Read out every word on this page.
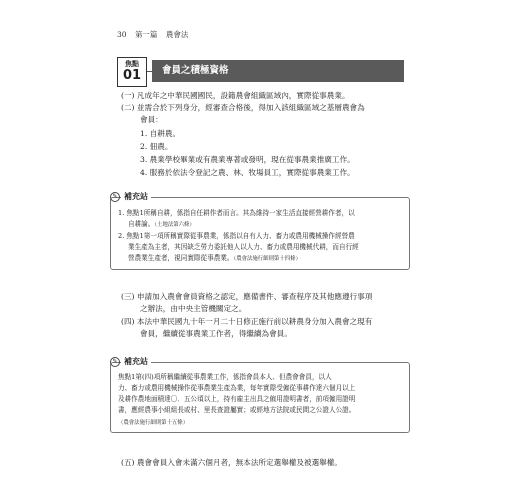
30 第一篇 農會法
焦點
01	會員之積極資格
(一) 凡成年之中華民國國民，設籍農會組織區域內，實際從事農業。
(二) 並需合於下列身分，經審查合格後，得加入該組織區域之基層農會為
會員：
1. 自耕農。
2. 佃農。
3. 農業學校畢業或有農業專著或發明，現在從事農業推廣工作。
4. 服務於依法令登記之農、林、牧場員工，實際從事農業工作。
✎ 補充站
1. 焦點1所稱自耕，係指自任耕作者而言。其為維持一家生活直接經營耕作者，以
自耕論。（土地法第六條）
2. 焦點1第一項所稱實際從事農業，係指以自有人力、畜力或農用機械操作經營農
業生產為主者，其因缺乏勞力委託他人以人力、畜力或農用機械代耕，而自行經
營農業生產者，視同實際從事農業。（農會法施行細則第十四條）
(三) 申請加入農會會員資格之認定，應備書件、審查程序及其他應遵行事項
之辦法，由中央主管機關定之。
(四) 本法中華民國九十年一月二十日修正施行前以耕農身分加入農會之現有
會員，繼續從事農業工作者，得繼續為會員。
✎ 補充站
焦點1第(四)項所稱繼續從事農業工作，係指會員本人、但農會會員，以人
力、畜力或農用機械操作從事農業生產為業，每年實際受僱從事耕作達六個月以上
及耕作農地面積達〇．五公頃以上，持有雇主出具之僱用證明書者，前項僱用證明
書，應經農事小組組長或村、里長查證屬實；或經地方法院或民間之公證人公證。
（農會法施行細則第十五條）
(五) 農會會員入會未滿六個月者，無本法所定選舉權及被選舉權。
